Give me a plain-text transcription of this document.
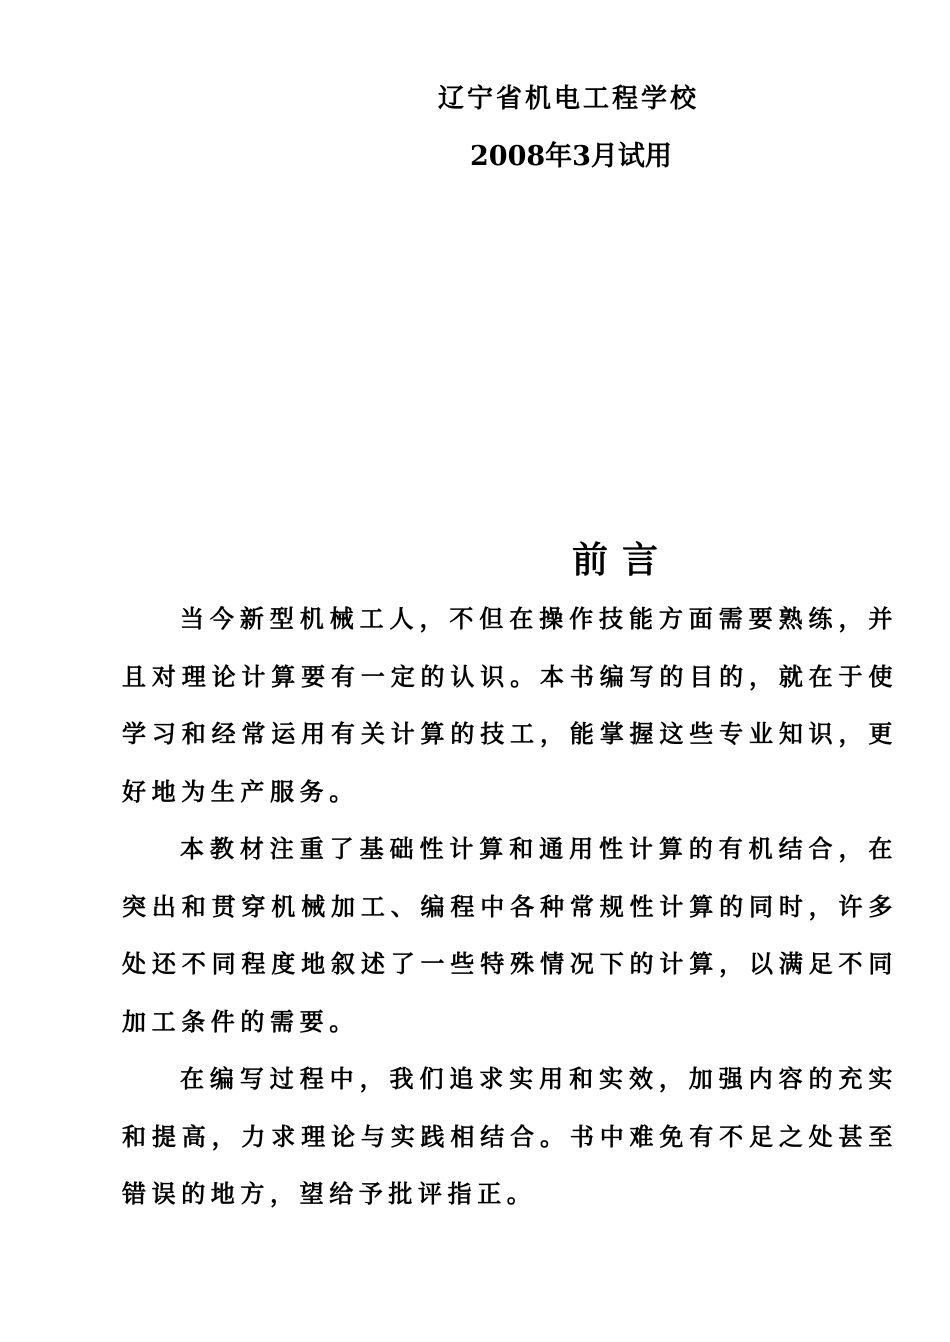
辽宁省机电工程学校
2008年3月试用
前言

当今新型机械工人，不但在操作技能方面需要熟练，并且对理论计算要有一定的认识。本书编写的目的，就在于使学习和经常运用有关计算的技工，能掌握这些专业知识，更好地为生产服务。

本教材注重了基础性计算和通用性计算的有机结合，在突出和贯穿机械加工、编程中各种常规性计算的同时，许多处还不同程度地叙述了一些特殊情况下的计算，以满足不同加工条件的需要。

在编写过程中，我们追求实用和实效，加强内容的充实和提高，力求理论与实践相结合。书中难免有不足之处甚至错误的地方，望给予批评指正。
